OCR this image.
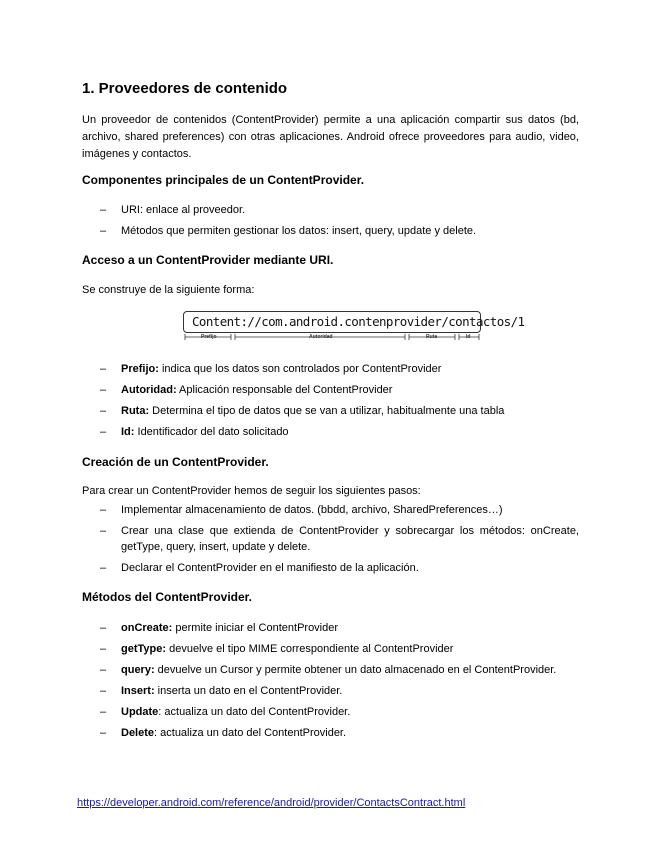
1. Proveedores de contenido

Un proveedor de contenidos (ContentProvider) permite a una aplicación compartir sus datos (bd, archivo, shared preferences) con otras aplicaciones. Android ofrece proveedores para audio, video, imágenes y contactos.

Componentes principales de un ContentProvider.
– URI: enlace al proveedor.
– Métodos que permiten gestionar los datos: insert, query, update y delete.
Acceso a un ContentProvider mediante URI.

Se construye de la siguiente forma:

Content://com.android.contenprovider/contactos/1
Prefijo	Autoridad	Ruta	Id
– Prefijo: indica que los datos son controlados por ContentProvider
– Autoridad: Aplicación responsable del ContentProvider
– Ruta: Determina el tipo de datos que se van a utilizar, habitualmente una tabla
– Id: Identificador del dato solicitado
Creación de un ContentProvider.

Para crear un ContentProvider hemos de seguir los siguientes pasos:

– Implementar almacenamiento de datos. (bbdd, archivo, SharedPreferences…)
– Crear una clase que extienda de ContentProvider y sobrecargar los métodos: onCreate, getType, query, insert, update y delete.
– Declarar el ContentProvider en el manifiesto de la aplicación.
Métodos del ContentProvider.
– onCreate: permite iniciar el ContentProvider
– getType: devuelve el tipo MIME correspondiente al ContentProvider
– query: devuelve un Cursor y permite obtener un dato almacenado en el ContentProvider.
– Insert: inserta un dato en el ContentProvider.
– Update: actualiza un dato del ContentProvider.
– Delete: actualiza un dato del ContentProvider.
https://developer.android.com/reference/android/provider/ContactsContract.html
